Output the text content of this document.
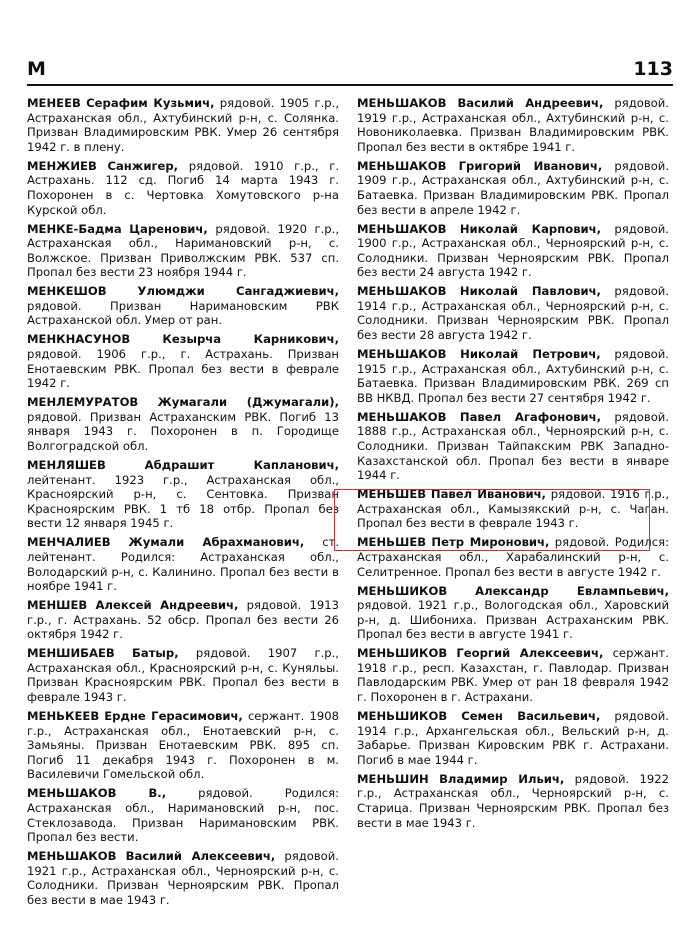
М	113

МЕНЕЕВ Серафим Кузьмич, рядовой. 1905 г.р., Астраханская обл., Ахтубинский р-н, с. Солянка. Призван Владимировским РВК. Умер 26 сентября 1942 г. в плену.

МЕНЖИЕВ Санжигер, рядовой. 1910 г.р., г. Астрахань. 112 сд. Погиб 14 марта 1943 г. Похоронен в с. Чертовка Хомутовского р-на Курской обл.

МЕНКЕ-Бадма Царенович, рядовой. 1920 г.р., Астраханская обл., Наримановский р-н, с. Волжское. Призван Приволжским РВК. 537 сп. Пропал без вести 23 ноября 1944 г.

МЕНКЕШОВ	Улюмджи Сангаджиевич, рядовой. Призван Наримановским РВК Астраханской обл. Умер от ран.

МЕНКНАСУНОВ	Кезырча Карникович, рядовой. 1906 г.р., г. Астрахань. Призван Енотаевским РВК. Пропал без вести в феврале 1942 г.

МЕНЛЕМУРАТОВ Жумагали (Джумагали), рядовой. Призван Астраханским РВК. Погиб 13 января 1943 г. Похоронен в п. Городище Волгоградской обл.

МЕНЛЯШЕВ	Абдрашит Капланович, лейтенант. 1923 г.р., Астраханская обл., Красноярский р-н, с. Сентовка. Призван Красноярским РВК. 1 тб 18 отбр. Пропал без вести 12 января 1945 г.

МЕНЧАЛИЕВ Жумали Абрахманович, ст. лейтенант. Родился: Астраханская обл., Володарский р-н, с. Калинино. Пропал без вести в ноябре 1941 г.

МЕНШЕВ Алексей Андреевич, рядовой. 1913 г.р., г. Астрахань. 52 обср. Пропал без вести 26 октября 1942 г.

МЕНШИБАЕВ Батыр, рядовой. 1907 г.р., Астраханская обл., Красноярский р-н, с. Куняльы. Призван Красноярским РВК. Пропал без вести в феврале 1943 г.

МЕНЬКЕЕВ Ердне Герасимович, сержант. 1908 г.р., Астраханская обл., Енотаевский р-н, с. Замьяны. Призван Енотаевским РВК. 895 сп. Погиб 11 декабря 1943 г. Похоронен в м. Василевичи Гомельской обл.

МЕНЬШАКОВ	В.,	рядовой. Родился: Астраханская обл., Наримановский р-н, пос. Стеклозавода. Призван Наримановским РВК. Пропал без вести.

МЕНЬШАКОВ Василий Алексеевич, рядовой. 1921 г.р., Астраханская обл., Черноярский р-н, с. Солодники. Призван Черноярским РВК. Пропал без вести в мае 1943 г.

МЕНЬШАКОВ Василий Андреевич, рядовой. 1919 г.р., Астраханская обл., Ахтубинский р-н, с. Новониколаевка. Призван Владимировским РВК. Пропал без вести в октябре 1941 г.

МЕНЬШАКОВ Григорий Иванович, рядовой. 1909 г.р., Астраханская обл., Ахтубинский р-н, с. Батаевка. Призван Владимировским РВК. Пропал без вести в апреле 1942 г.

МЕНЬШАКОВ Николай Карпович, рядовой. 1900 г.р., Астраханская обл., Черноярский р-н, с. Солодники. Призван Черноярским РВК. Пропал без вести 24 августа 1942 г.

МЕНЬШАКОВ Николай Павлович, рядовой. 1914 г.р., Астраханская обл., Черноярский р-н, с. Солодники. Призван Черноярским РВК. Пропал без вести 28 августа 1942 г.

МЕНЬШАКОВ Николай Петрович, рядовой. 1915 г.р., Астраханская обл., Ахтубинский р-н, с. Батаевка. Призван Владимировским РВК. 269 сп ВВ НКВД. Пропал без вести 27 сентября 1942 г.

МЕНЬШАКОВ Павел Агафонович, рядовой. 1888 г.р., Астраханская обл., Черноярский р-н, с. Солодники. Призван Тайпакским РВК Западно-Казахстанской обл. Пропал без вести в январе 1944 г.

МЕНЬШЕВ Павел Иванович, рядовой. 1916 г.р., Астраханская обл., Камызякский р-н, с. Чаган. Пропал без вести в феврале 1943 г.

МЕНЬШЕВ Петр Миронович, рядовой. Родился: Астраханская обл., Харабалинский р-н, с. Селитренное. Пропал без вести в августе 1942 г.

МЕНЬШИКОВ Александр Евлампьевич, рядовой. 1921 г.р., Вологодская обл., Харовский р-н, д. Шибониха. Призван Астраханским РВК. Пропал без вести в августе 1941 г.

МЕНЬШИКОВ Георгий Алексеевич, сержант. 1918 г.р., респ. Казахстан, г. Павлодар. Призван Павлодарским РВК. Умер от ран 18 февраля 1942 г. Похоронен в г. Астрахани.

МЕНЬШИКОВ Семен Васильевич, рядовой. 1914 г.р., Архангельская обл., Вельский р-н, д. Забарье. Призван Кировским РВК г. Астрахани. Погиб в мае 1944 г.

МЕНЬШИН Владимир Ильич, рядовой. 1922 г.р., Астраханская обл., Черноярский р-н, с. Старица. Призван Черноярским РВК. Пропал без вести в мае 1943 г.
